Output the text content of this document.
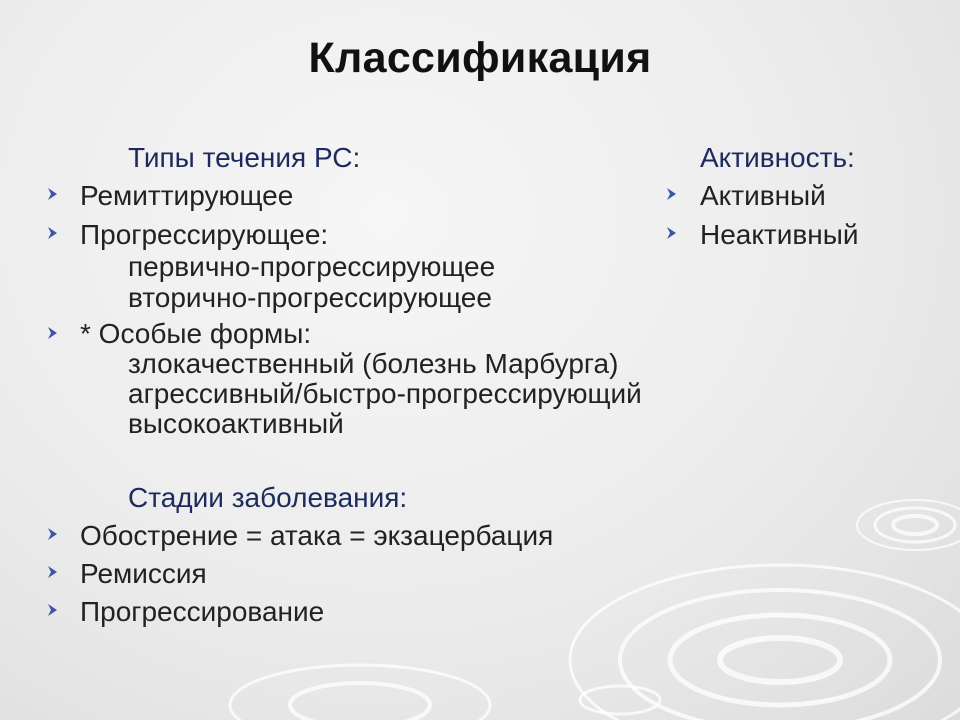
Классификация
Типы течения РС:
Ремиттирующее
Прогрессирующее:
первично-прогрессирующее
вторично-прогрессирующее
* Особые формы:
злокачественный (болезнь Марбурга)
агрессивный/быстро-прогрессирующий
высокоактивный
Стадии заболевания:
Обострение = атака = экзацербация
Ремиссия
Прогрессирование
Активность:
Активный
Неактивный
